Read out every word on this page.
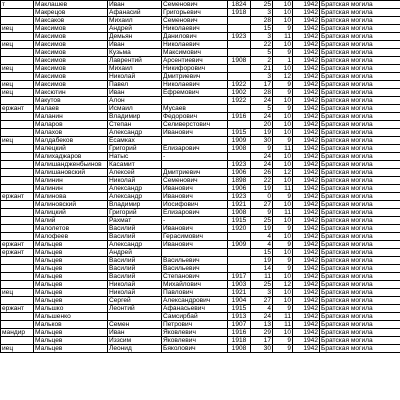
т	Маклашев	Иван	Семенович	1824	25	10	1942	Братская могила
	Макрецов	Афанасий	Григорьевич	1918	3	10	1942	Братская могила
	Максаков	Михаил	Семенович		28	10	1942	Братская могила
иец	Максимов	Андрей	Николаевич		15	9	1942	Братская могила
	Максимов	Демьян	Данилович	1923	3	11	1942	Братская могила
иец	Максимов	Иван	Николаевич		22	10	1942	Братская могила
	Максимов	Кузьма	Максимович		5	9	1942	Братская могила
	Максимов	Лаврентий	Арсентиевич	1908	2	1	1942	Братская могила
иец	Максимов	Михаил	Никифорович		21	10	1942	Братская могила
	Максимов	Николай	Дмитриевич		3	12	1942	Братская могила
иец	Максимов	Павел	Николаевич	1922	17	9	1942	Братская могила
иец	Максютин	Иван	Ефремович	1902	28	9	1942	Братская могила
	Макутов	Алон		1922	24	10	1942	Братская могила
ержант	Малаев	Исмаил	Мусаев		5	9	1942	Братская могила
	Маланин	Владимир	Федорович	1916	24	10	1942	Братская могила
	Маларов	Степан	Селиверстович		20	10	1942	Братская могила
	Малахов	Александр	Иванович	1915	19	10	1942	Братская могила
иец	Малдабеков	Есамках		1909	30	9	1942	Братская могила
	Малецкий	Григорий	Елизарович	1908	9	11	1942	Братская могила
	Малихаджаров	Натыс	-		24	10	1942	Братская могила
	Малишандженбьинов	Касамит		1923	24	10	1942	Братская могила
	Малишановский	Алексей	Дмитриевич	1906	26	12	1942	Братская могила
	Малинин	Николай	Семенович	1898	22	10	1942	Братская могила
	Малинин	Александр	Иванович	1906	19	11	1942	Братская могила
ержант	Малинова	Александр	Иванович	1923	0	9	1942	Братская могила
	Малиновский	Владимир	Иосифович	1921	27	10	1942	Братская могила
	Малицкий	Григорий	Елизарович	1908	9	11	1942	Братская могила
	Малий	Рахмат	-	1915	25	10	1942	Братская могила
	Малолетов	Василий	Иванович	1920	19	9	1942	Братская могила
	Малофеев	Василий	Герасимович		4	10	1942	Братская могила
ержант	Мальцев	Александр	Иванович	1909	4	9	1942	Братская могила
ержант	Мальцев	Андрей			15	10	1942	Братская могила
	Мальцев	Василий	Васильевич		19	9	1942	Братская могила
	Мальцев	Василий	Васильевич		14	9	1942	Братская могила
	Мальцев	Василий	Степанович	1917	11	10	1942	Братская могила
	Мальцев	Николай	Михайлович	1903	25	12	1942	Братская могила
иец	Мальцев	Николай	Павлович	1921	3	10	1942	Братская могила
	Мальцев	Сергей	Александрович	1904	27	10	1942	Братская могила
ержант	Мальшко	Леонтий	Афанасьевич	1915	4	9	1942	Братская могила
	Мальшенко		Самсирбай	1913	24	11	1942	Братская могила
	Мальков	Семен	Петрович	1907	13	11	1942	Братская могила
мандир	Мальцев	Иван	Яковлевич	1916	29	10	1942	Братская могила
	Мальцев	Иззсим	Яковлевич	1918	17	9	1942	Братская могила
иец	Мальцев	Леонид	Бяколович	1908	30	9	1942	Братская могила
